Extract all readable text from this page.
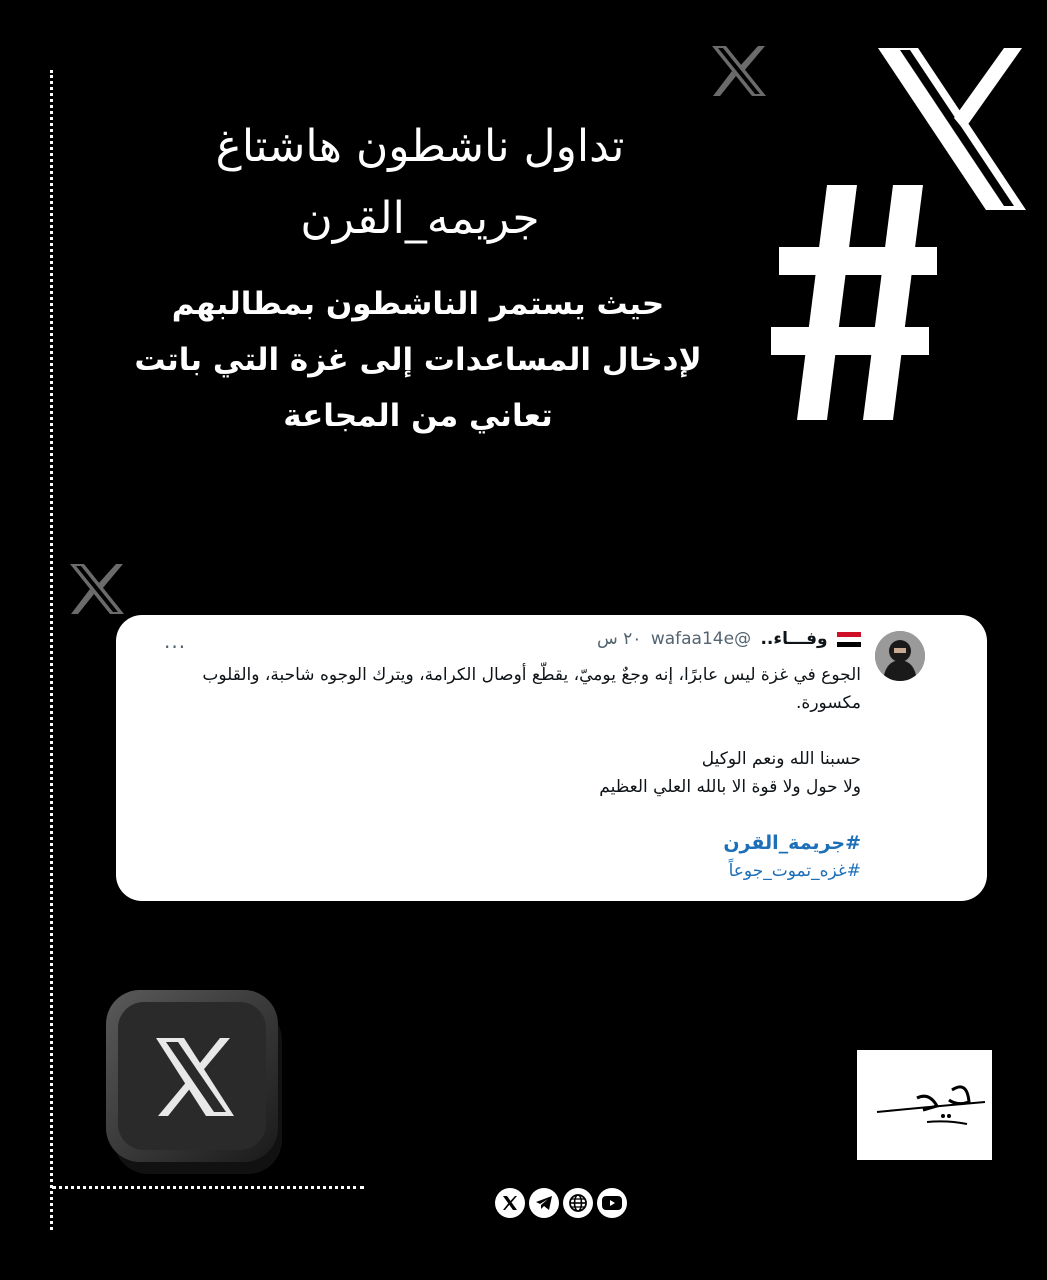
تداول ناشطون هاشتاغ
جريمه_القرن
حيث يستمر الناشطون بمطالبهم لإدخال المساعدات إلى غزة التي باتت تعاني من المجاعة
وفـــاء.. @wafaa14e ٢٠ س
...

الجوع في غزة ليس عابرًا، إنه وجعٌ يوميّ، يقطّع أوصال الكرامة، ويترك الوجوه شاحبة، والقلوب مكسورة.

حسبنا الله ونعم الوكيل

ولا حول ولا قوة الا بالله العلي العظيم

#جريمة_القرن

#غزه_تموت_جوعاً
